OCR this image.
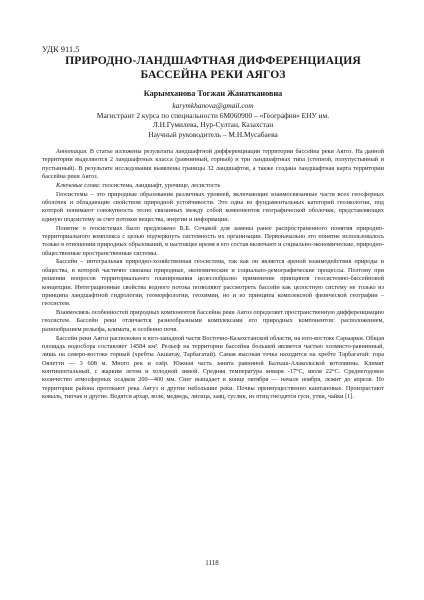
УДК 911.5
ПРИРОДНО-ЛАНДШАФТНАЯ ДИФФЕРЕНЦИАЦИЯ БАССЕЙНА РЕКИ АЯГОЗ
Карымханова Тогжан Жанаткановна
karymkhanova@gmail.com
Магистрант 2 курса по специальности 6М060900 – «География» ЕНУ им.
Л.Н.Гумилева, Нур-Султан, Казахстан
Научный руководитель – М.Н.Мусабаева

Аннотация. В статье изложены результаты ландшафтной дифференциации территории бассейна реки Аягоз. На данной территории выделяются 2 ландшафтных класса (равнинный, горный) и три ландшафтных типа (степной, полупустынный и пустынный). В результате исследования выявлены границы 32 ландшафтов, а также создана ландшафтная карта территории бассейна реки Аягоз.

Ключевые слова: геосистема, ландшафт, урочище, лесистость

Геосистемы – это природные образования различных уровней, включающие взаимосвязанные части всех геосферных оболочек и обладающие свойством природной устойчивости. Это одна из фундаментальных категорий геоэкологии, под которой понимают совокупность тесно связанных между собой компонентов географической оболочки, представляющих единую подсистему за счет потоков вещества, энергии и информации.

Понятие о геосистемах было предложено В.Б. Сочавой для замены ранее распространенного понятия природно-территориального комплекса с целью подчеркнуть системность их организации. Первоначально это понятие использовалось только в отношении природных образований, в настоящее время в его состав включают и социально-экономические, природно-общественные пространственные системы.

Бассейн – интегральная природно-хозяйственная геосистема, так как он является ареной взаимодействия природы и общества, в которой частично связаны природные, экономические и социально-демографические процессы. Поэтому при решении вопросов территориального планирования целесообразно применение принципов геосистемно-бассейновой концепции. Интеграционные свойства водного потока позволяют рассмотреть бассейн как целостную систему не только из принципа ландшафтной гидрологии, геоморфологии, геохимии, но и из принципа комплексной физической географии – геосистем.

Взаимосвязь особенностей природных компонентов бассейна реки Аягоз определяет пространственную дифференциацию геосистем. Бассейн реки отличается разнообразными комплексами его природных компонентов: расположением, разнообразием рельефа, климата, и особенно почв.

Бассейн реки Аягоз расположен в юго-западной части Восточно-Казахстанской области, на юго-востоке Сарыарки. Общая площадь водосбора составляет 14584 км². Рельеф на территории бассейна большей является частью холмисто-равнинный, лишь на северо-востоке горный (хребты Акшатау, Тарбагатай). Самая высокая точка находится на хребте Тарбагатай: гора Оялетти — 3 608 м. Много рек и озёр. Южная часть занята равниной Балхаш-Алакольской котловины. Климат континентальный, с жарким летом и холодной зимой. Средняя температура января -17°C, июля 22°C. Среднегодовое количество атмосферных осадков 200—400 мм. Снег выпадает в конце октября — начале ноября, лежит до апреля. По территории района протекают река Аягуз и другие небольшие реки. Почвы преимущественно каштановые. Произрастают ковыль, типчак и другие. Водятся архар, волк, медведь, лисица, заяц, суслик, из птиц гнездятся гуси, утки, чайки [1].

1118
